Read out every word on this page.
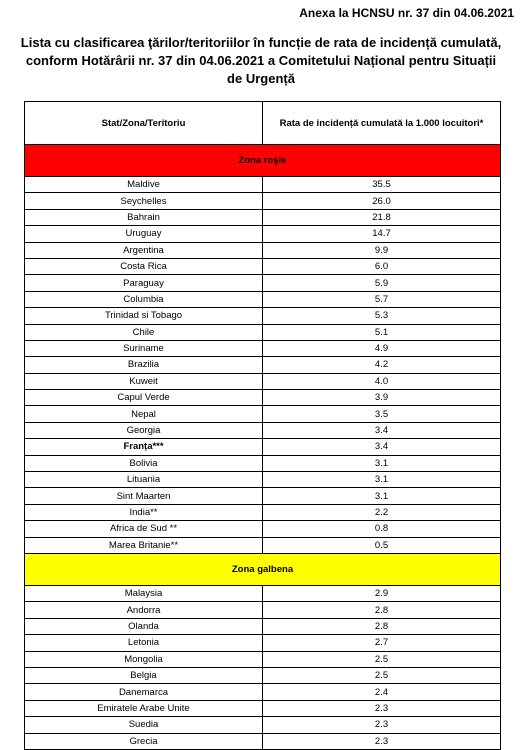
Anexa la HCNSU nr. 37 din 04.06.2021
Lista cu clasificarea ţărilor/teritoriilor în funcție de rata de incidență cumulată, conform Hotărârii nr. 37 din 04.06.2021 a Comitetului Național pentru Situații de Urgență
Stat/Zona/Teritoriu	Rata de incidență cumulată la 1.000 locuitori*
Zona roşie	
Maldive	35.5
Seychelles	26.0
Bahrain	21.8
Uruguay	14.7
Argentina	9.9
Costa Rica	6.0
Paraguay	5.9
Columbia	5.7
Trinidad si Tobago	5.3
Chile	5.1
Suriname	4.9
Brazilia	4.2
Kuweit	4.0
Capul Verde	3.9
Nepal	3.5
Georgia	3.4
Franța***	3.4
Bolivia	3.1
Lituania	3.1
Sint Maarten	3.1
India**	2.2
Africa de Sud **	0.8
Marea Britanie**	0.5
Zona galbena	
Malaysia	2.9
Andorra	2.8
Olanda	2.8
Letonia	2.7
Mongolia	2.5
Belgia	2.5
Danemarca	2.4
Emiratele Arabe Unite	2.3
Suedia	2.3
Grecia	2.3
